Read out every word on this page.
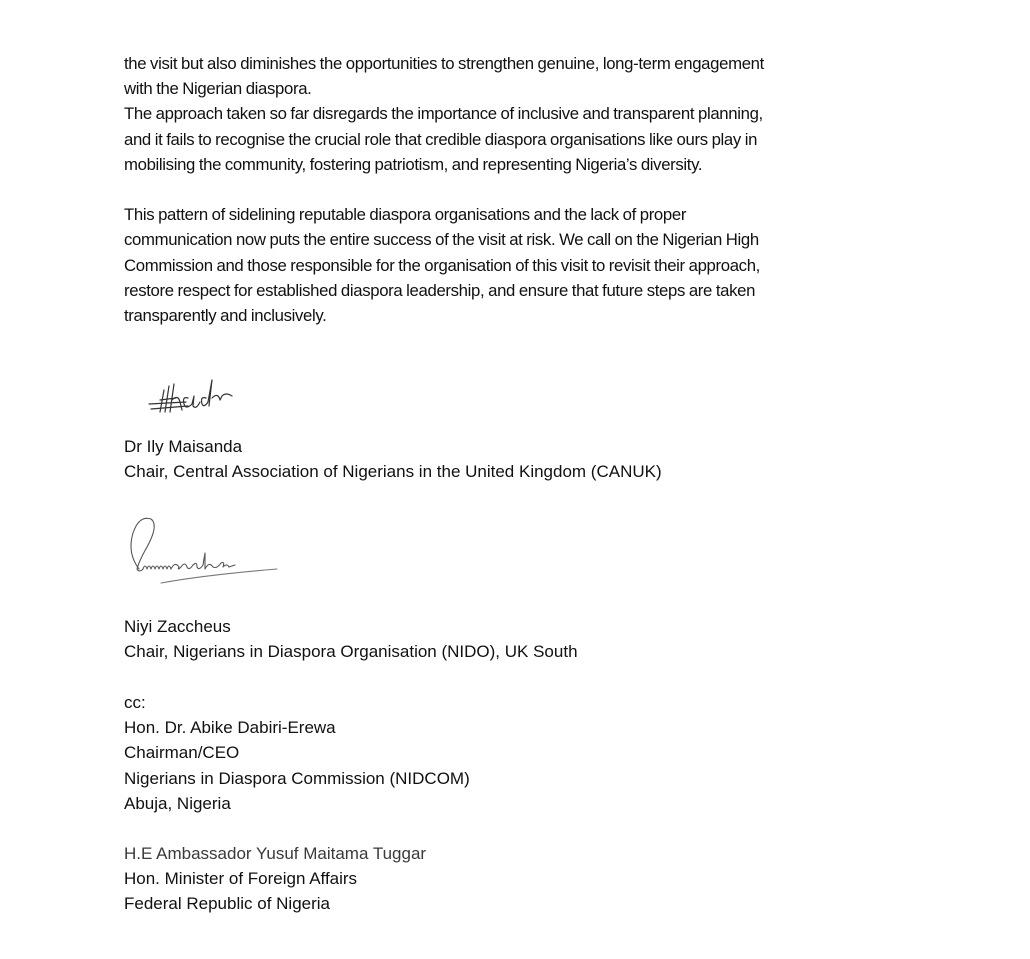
the visit but also diminishes the opportunities to strengthen genuine, long-term engagement
with the Nigerian diaspora.
The approach taken so far disregards the importance of inclusive and transparent planning,
and it fails to recognise the crucial role that credible diaspora organisations like ours play in
mobilising the community, fostering patriotism, and representing Nigeria’s diversity.
This pattern of sidelining reputable diaspora organisations and the lack of proper
communication now puts the entire success of the visit at risk. We call on the Nigerian High
Commission and those responsible for the organisation of this visit to revisit their approach,
restore respect for established diaspora leadership, and ensure that future steps are taken
transparently and inclusively.
Dr Ily Maisanda
Chair, Central Association of Nigerians in the United Kingdom (CANUK)
Niyi Zaccheus
Chair, Nigerians in Diaspora Organisation (NIDO), UK South
cc:
Hon. Dr. Abike Dabiri-Erewa
Chairman/CEO
Nigerians in Diaspora Commission (NIDCOM)
Abuja, Nigeria
H.E Ambassador Yusuf Maitama Tuggar
Hon. Minister of Foreign Affairs
Federal Republic of Nigeria
